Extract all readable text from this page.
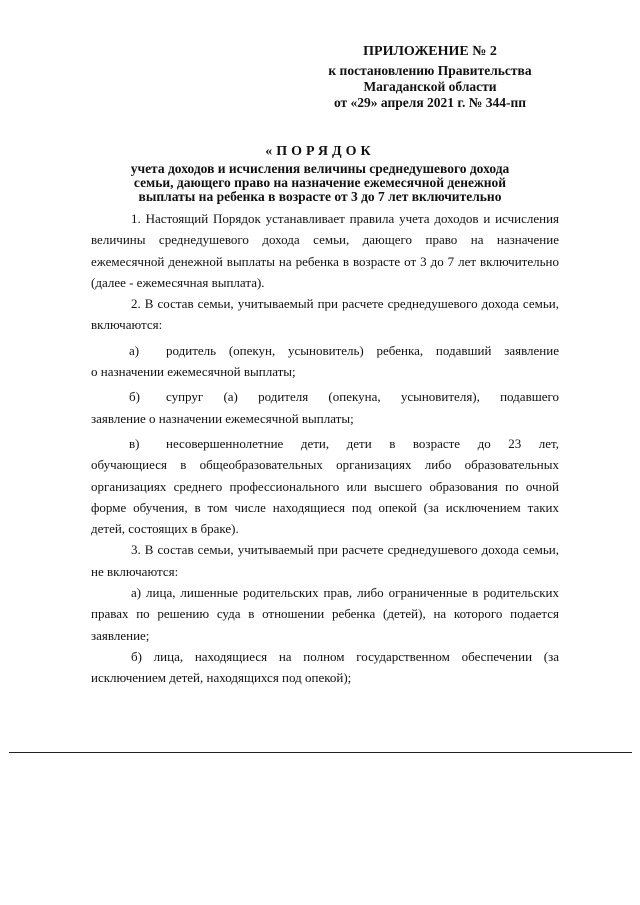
ПРИЛОЖЕНИЕ № 2
к постановлению Правительства
Магаданской области
от «29» апреля 2021 г. № 344-пп
«ПОРЯДОК
учета доходов и исчисления величины среднедушевого дохода
семьи, дающего право на назначение ежемесячной денежной
выплаты на ребенка в возрасте от 3 до 7 лет включительно

1. Настоящий Порядок устанавливает правила учета доходов и исчисления величины среднедушевого дохода семьи, дающего право на назначение ежемесячной денежной выплаты на ребенка в возрасте от 3 до 7 лет включительно (далее - ежемесячная выплата).

2. В состав семьи, учитываемый при расчете среднедушевого дохода семьи, включаются:

а)	родитель (опекун, усыновитель) ребенка, подавший заявление

о назначении ежемесячной выплаты;

б)	супруг (а) родителя (опекуна, усыновителя), подавшего

заявление о назначении ежемесячной выплаты;

в)	несовершеннолетние дети, дети в возрасте до 23 лет,

обучающиеся в общеобразовательных организациях либо образовательных организациях среднего профессионального или высшего образования по очной форме обучения, в том числе находящиеся под опекой (за исключением таких детей, состоящих в браке).

3. В состав семьи, учитываемый при расчете среднедушевого дохода семьи, не включаются:

а) лица, лишенные родительских прав, либо ограниченные в родительских правах по решению суда в отношении ребенка (детей), на которого подается заявление;

б) лица, находящиеся на полном государственном обеспечении (за исключением детей, находящихся под опекой);
